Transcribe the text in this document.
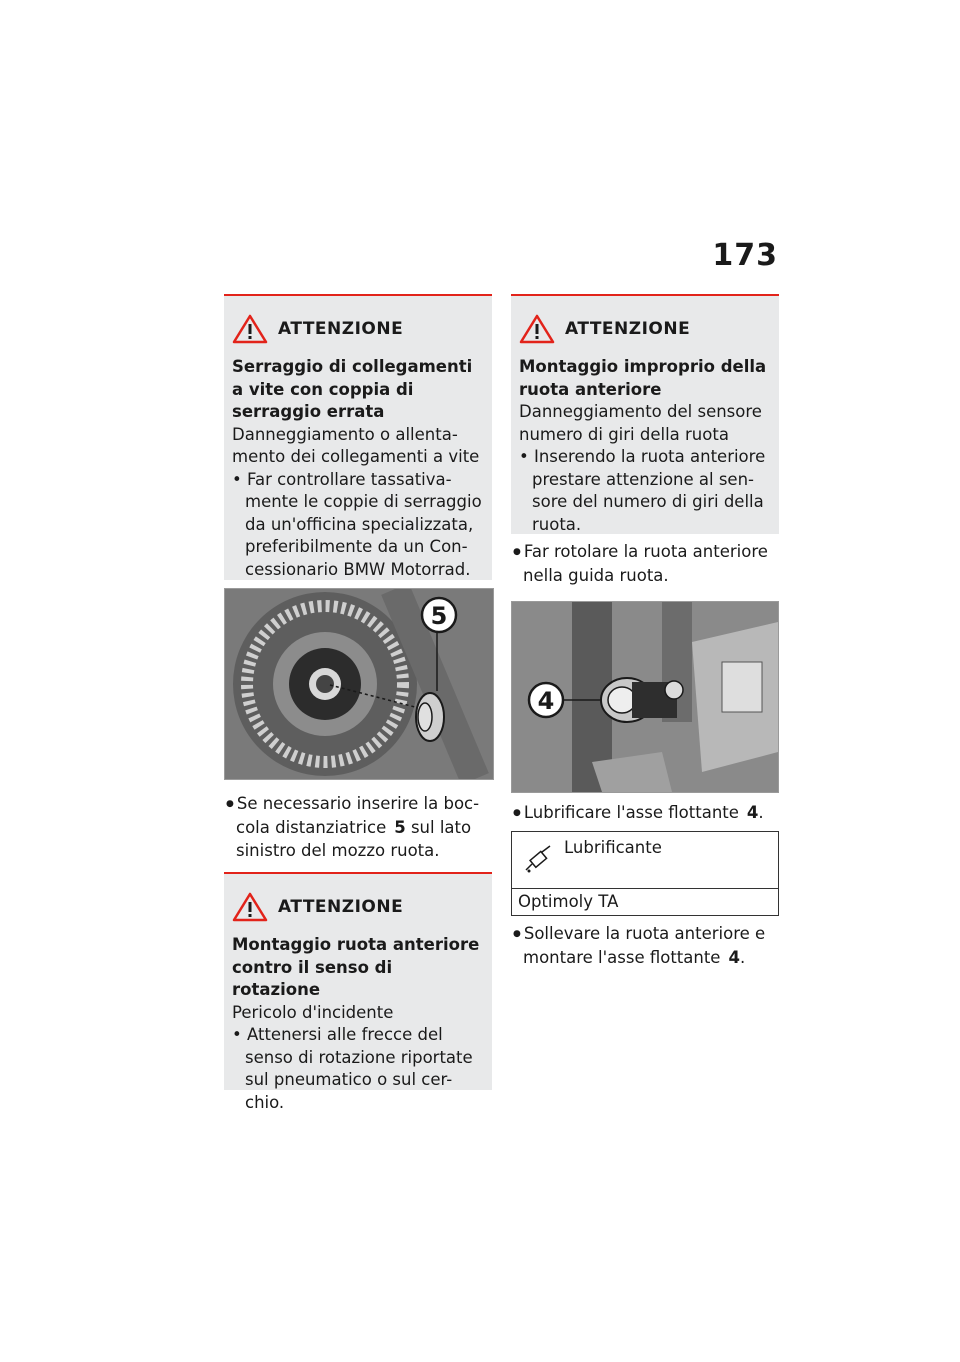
173
ATTENZIONE
Serraggio di collegamenti a vite con coppia di serraggio errata
Danneggiamento o allenta-mento dei collegamenti a vite
• Far controllare tassativa-mente le coppie di serraggio da un'officina specializzata, preferibilmente da un Con-cessionario BMW Motorrad.
5
● Se necessario inserire la boc-cola distanziatrice 5 sul lato sinistro del mozzo ruota.
ATTENZIONE
Montaggio ruota anteriore contro il senso di rotazione
Pericolo d'incidente
• Attenersi alle frecce del senso di rotazione riportate sul pneumatico o sul cer-chio.
ATTENZIONE
Montaggio improprio della ruota anteriore
Danneggiamento del sensore numero di giri della ruota
• Inserendo la ruota anteriore prestare attenzione al sen-sore del numero di giri della ruota.
● Far rotolare la ruota anteriore nella guida ruota.
4
● Lubrificare l'asse flottante 4.
Lubrificante
Optimoly TA
● Sollevare la ruota anteriore e montare l'asse flottante 4.
